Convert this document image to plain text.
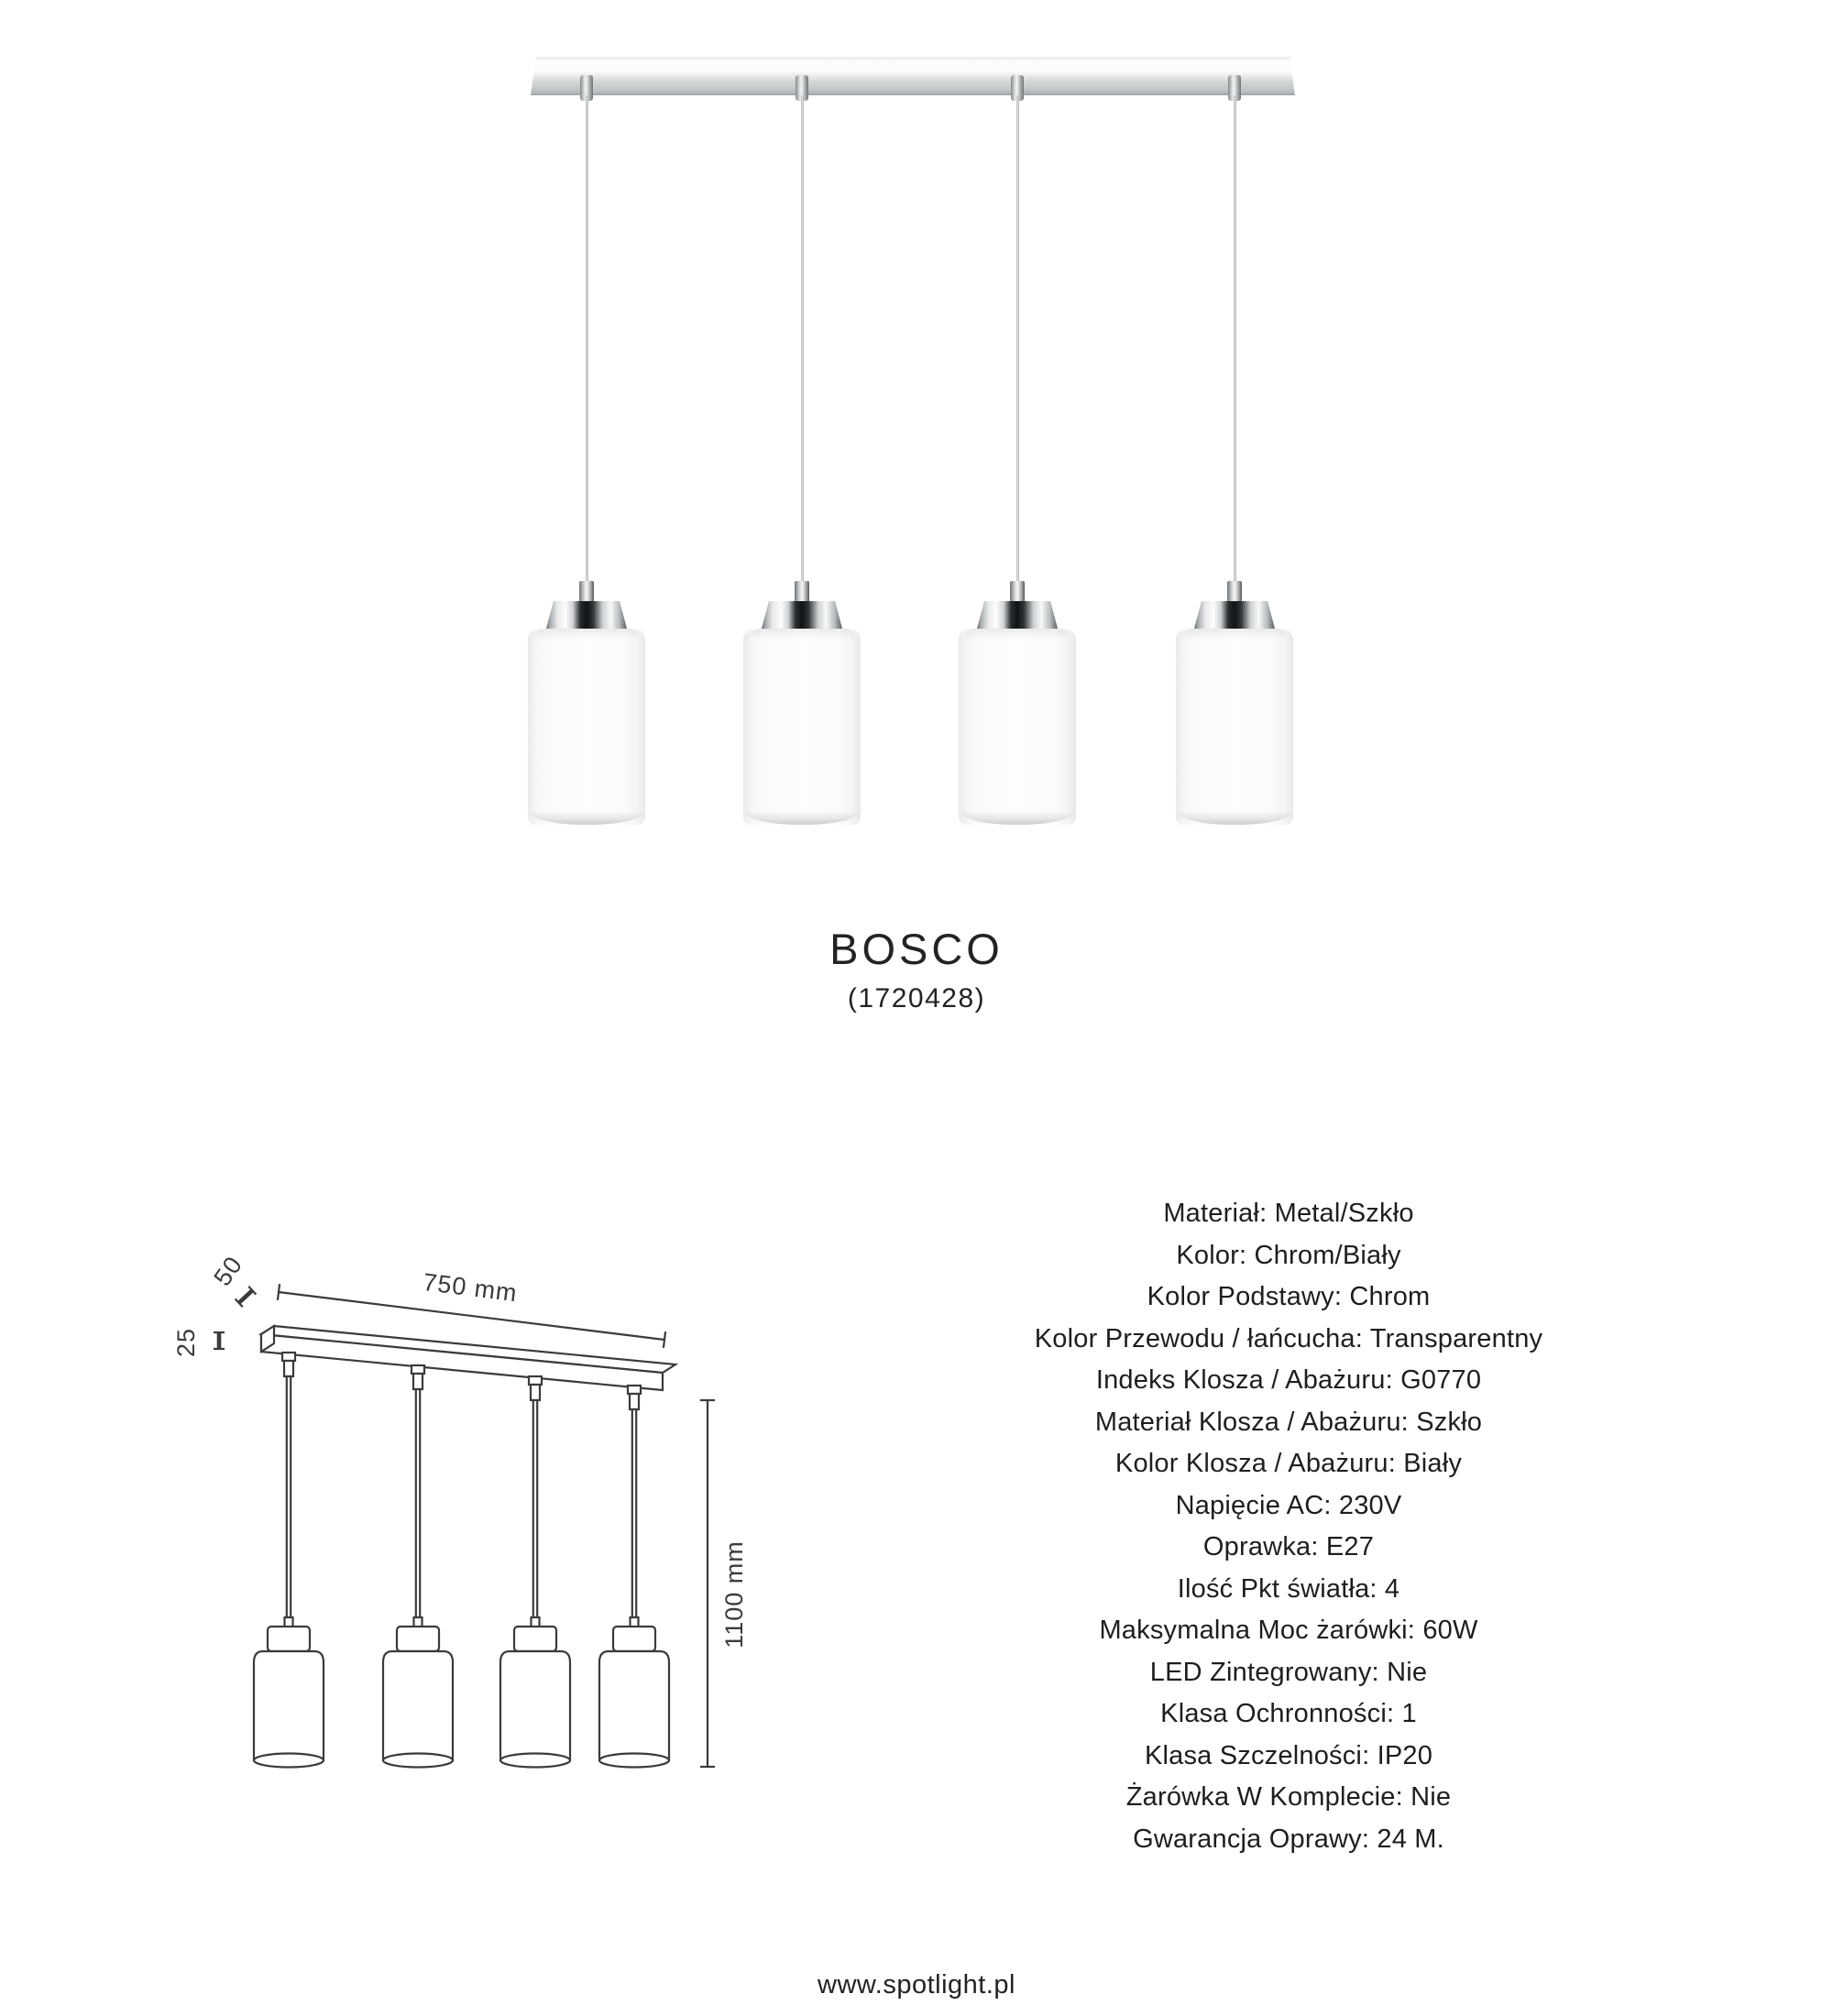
BOSCO
(1720428)
750 mm
50
25
1100 mm
Materiał: Metal/Szkło
Kolor: Chrom/Biały
Kolor Podstawy: Chrom
Kolor Przewodu / łańcucha: Transparentny
Indeks Klosza / Abażuru: G0770
Materiał Klosza / Abażuru: Szkło
Kolor Klosza / Abażuru: Biały
Napięcie AC: 230V
Oprawka: E27
Ilość Pkt światła: 4
Maksymalna Moc żarówki: 60W
LED Zintegrowany: Nie
Klasa Ochronności: 1
Klasa Szczelności: IP20
Żarówka W Komplecie: Nie
Gwarancja Oprawy: 24 M.
www.spotlight.pl
